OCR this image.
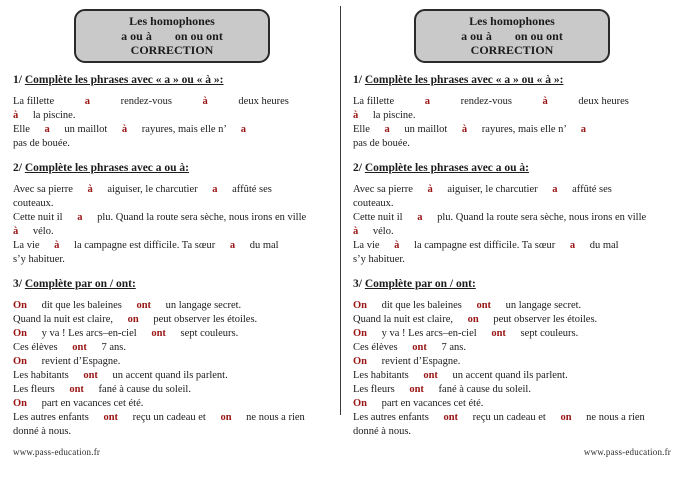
Les homophones
a ou à on ou ont
CORRECTION
1/ Complète les phrases avec « a » ou « à »:
La fillette	a	rendez-vous	à	deux heures
à la piscine.
Elle a un maillot à rayures, mais elle n’ a
pas de bouée.
2/ Complète les phrases avec a ou à:
Avec sa pierre à aiguiser, le charcutier a affûté ses
couteaux.
Cette nuit il a plu. Quand la route sera sèche, nous irons en ville
à vélo.
La vie à la campagne est difficile. Ta sœur a du mal
s’y habituer.
3/ Complète par on / ont:
On dit que les baleines ont un langage secret.
Quand la nuit est claire, on peut observer les étoiles.
On y va ! Les arcs–en-ciel ont sept couleurs.
Ces élèves ont 7 ans.
On revient d’Espagne.
Les habitants ont un accent quand ils parlent.
Les fleurs ont fané à cause du soleil.
On part en vacances cet été.
Les autres enfants ont reçu un cadeau et on ne nous a rien
donné à nous.
www.pass-education.fr
Les homophones
a ou à on ou ont
CORRECTION
1/ Complète les phrases avec « a » ou « à »:
La fillette	a	rendez-vous	à	deux heures
à la piscine.
Elle a un maillot à rayures, mais elle n’ a
pas de bouée.
2/ Complète les phrases avec a ou à:
Avec sa pierre à aiguiser, le charcutier a affûté ses
couteaux.
Cette nuit il a plu. Quand la route sera sèche, nous irons en ville
à vélo.
La vie à la campagne est difficile. Ta sœur a du mal
s’y habituer.
3/ Complète par on / ont:
On dit que les baleines ont un langage secret.
Quand la nuit est claire, on peut observer les étoiles.
On y va ! Les arcs–en-ciel ont sept couleurs.
Ces élèves ont 7 ans.
On revient d’Espagne.
Les habitants ont un accent quand ils parlent.
Les fleurs ont fané à cause du soleil.
On part en vacances cet été.
Les autres enfants ont reçu un cadeau et on ne nous a rien
donné à nous.
www.pass-education.fr
